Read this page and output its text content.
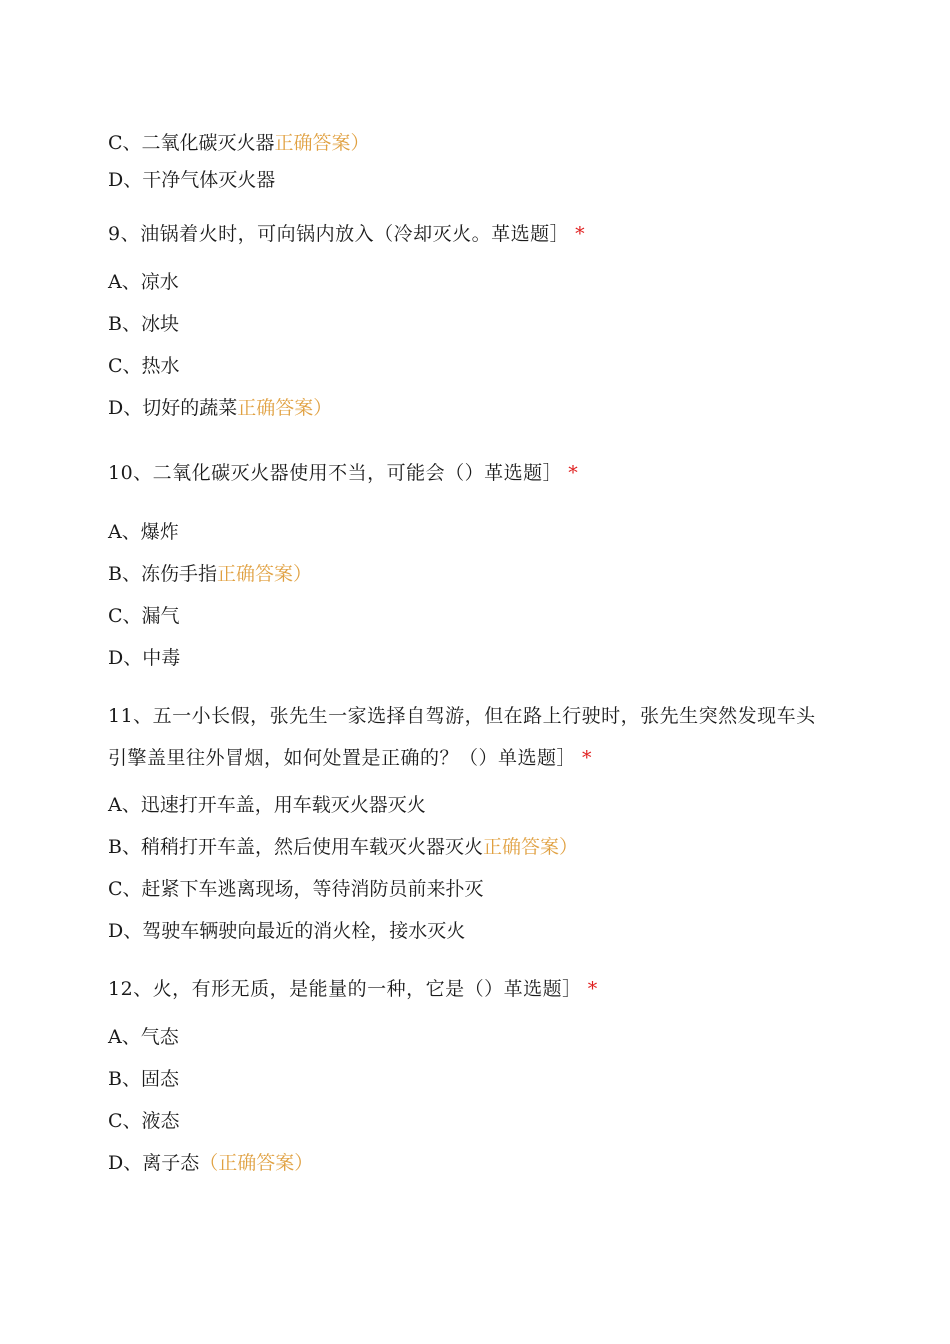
C、二氧化碳灭火器正确答案）
D、干净气体灭火器
9、油锅着火时，可向锅内放入（冷却灭火。革选题］ *
A、凉水
B、冰块
C、热水
D、切好的蔬菜正确答案）
10、二氧化碳灭火器使用不当，可能会（）革选题］ *
A、爆炸
B、冻伤手指正确答案）
C、漏气
D、中毒
11、五一小长假，张先生一家选择自驾游，但在路上行驶时，张先生突然发现车头
引擎盖里往外冒烟，如何处置是正确的？（）单选题］ *
A、迅速打开车盖，用车载灭火器灭火
B、稍稍打开车盖，然后使用车载灭火器灭火正确答案）
C、赶紧下车逃离现场，等待消防员前来扑灭
D、驾驶车辆驶向最近的消火栓，接水灭火
12、火，有形无质，是能量的一种，它是（）革选题］ *
A、气态
B、固态
C、液态
D、离子态（正确答案）
